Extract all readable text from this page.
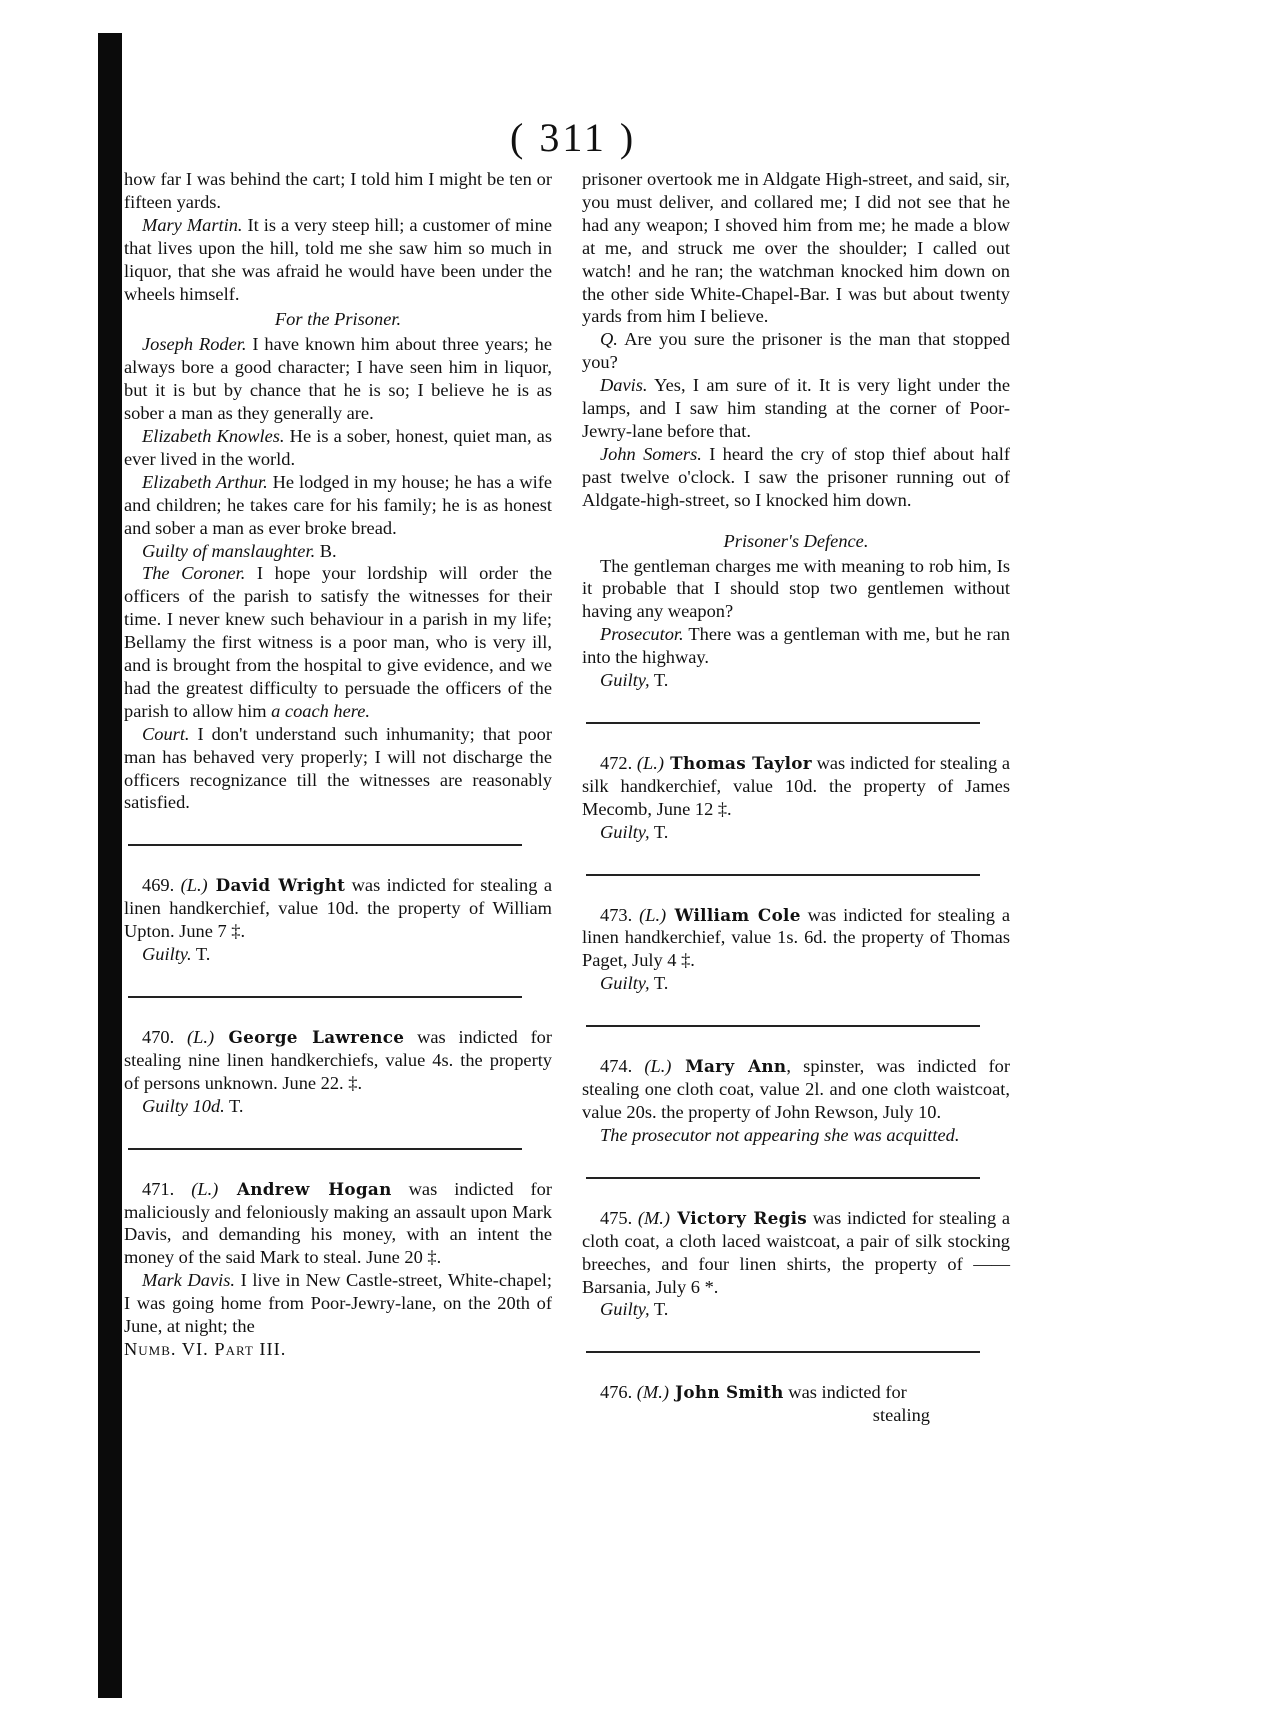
( 311 )

how far I was behind the cart; I told him I might be ten or fifteen yards.

Mary Martin. It is a very steep hill; a customer of mine that lives upon the hill, told me she saw him so much in liquor, that she was afraid he would have been under the wheels himself.

For the Prisoner.

Joseph Roder. I have known him about three years; he always bore a good character; I have seen him in liquor, but it is but by chance that he is so; I believe he is as sober a man as they generally are.

Elizabeth Knowles. He is a sober, honest, quiet man, as ever lived in the world.

Elizabeth Arthur. He lodged in my house; he has a wife and children; he takes care for his family; he is as honest and sober a man as ever broke bread.

Guilty of manslaughter. B.

The Coroner. I hope your lordship will order the officers of the parish to satisfy the witnesses for their time. I never knew such behaviour in a parish in my life; Bellamy the first witness is a poor man, who is very ill, and is brought from the hospital to give evidence, and we had the greatest difficulty to persuade the officers of the parish to allow him a coach here.

Court. I don't understand such inhumanity; that poor man has behaved very properly; I will not discharge the officers recognizance till the witnesses are reasonably satisfied.

469. (L.) David Wright was indicted for stealing a linen handkerchief, value 10d. the property of William Upton. June 7 ‡.

Guilty. T.

470. (L.) George Lawrence was indicted for stealing nine linen handkerchiefs, value 4s. the property of persons unknown. June 22. ‡.

Guilty 10d. T.

471. (L.) Andrew Hogan was indicted for maliciously and feloniously making an assault upon Mark Davis, and demanding his money, with an intent the money of the said Mark to steal. June 20 ‡.

Mark Davis. I live in New Castle-street, White-chapel; I was going home from Poor-Jewry-lane, on the 20th of June, at night; the

Numb. VI. Part III.

prisoner overtook me in Aldgate High-street, and said, sir, you must deliver, and collared me; I did not see that he had any weapon; I shoved him from me; he made a blow at me, and struck me over the shoulder; I called out watch! and he ran; the watchman knocked him down on the other side White-Chapel-Bar. I was but about twenty yards from him I believe.

Q. Are you sure the prisoner is the man that stopped you?

Davis. Yes, I am sure of it. It is very light under the lamps, and I saw him standing at the corner of Poor-Jewry-lane before that.

John Somers. I heard the cry of stop thief about half past twelve o'clock. I saw the prisoner running out of Aldgate-high-street, so I knocked him down.

Prisoner's Defence.

The gentleman charges me with meaning to rob him, Is it probable that I should stop two gentlemen without having any weapon?

Prosecutor. There was a gentleman with me, but he ran into the highway.

Guilty, T.

472. (L.) Thomas Taylor was indicted for stealing a silk handkerchief, value 10d. the property of James Mecomb, June 12 ‡.

Guilty, T.

473. (L.) William Cole was indicted for stealing a linen handkerchief, value 1s. 6d. the property of Thomas Paget, July 4 ‡.

Guilty, T.

474. (L.) Mary Ann, spinster, was indicted for stealing one cloth coat, value 2l. and one cloth waistcoat, value 20s. the property of John Rewson, July 10.

The prosecutor not appearing she was acquitted.

475. (M.) Victory Regis was indicted for stealing a cloth coat, a cloth laced waistcoat, a pair of silk stocking breeches, and four linen shirts, the property of —— Barsania, July 6 *.

Guilty, T.

476. (M.) John Smith was indicted for

stealing
